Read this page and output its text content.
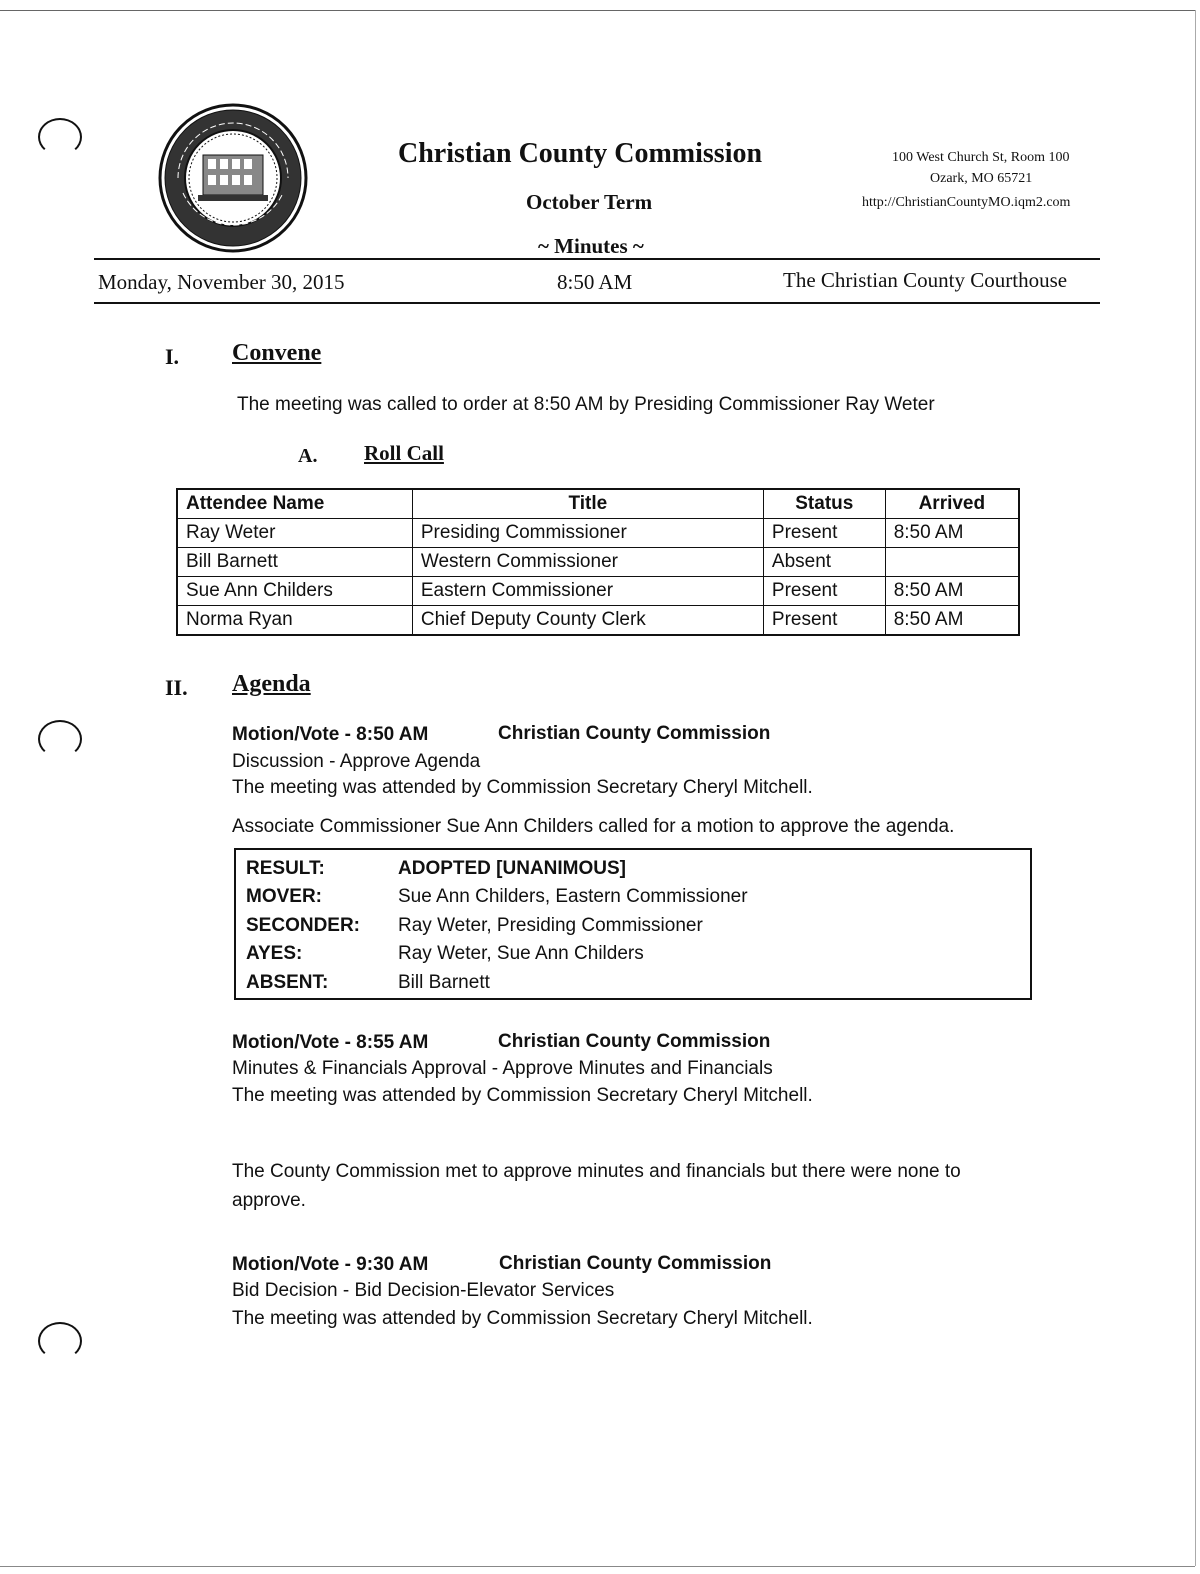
Christian County Commission
October Term
~ Minutes ~
100 West Church St, Room 100
Ozark, MO 65721
http://ChristianCountyMO.iqm2.com
Monday, November 30, 2015	8:50 AM	The Christian County Courthouse
I. Convene
The meeting was called to order at 8:50 AM by Presiding Commissioner Ray Weter
A. Roll Call
Attendee Name	Title	Status	Arrived
Ray Weter	Presiding Commissioner	Present	8:50 AM
Bill Barnett	Western Commissioner	Absent	
Sue Ann Childers	Eastern Commissioner	Present	8:50 AM
Norma Ryan	Chief Deputy County Clerk	Present	8:50 AM
II. Agenda
Motion/Vote - 8:50 AM	Christian County Commission
Discussion - Approve Agenda
The meeting was attended by Commission Secretary Cheryl Mitchell.
Associate Commissioner Sue Ann Childers called for a motion to approve the agenda.
RESULT:	ADOPTED [UNANIMOUS]
MOVER:	Sue Ann Childers, Eastern Commissioner
SECONDER:	Ray Weter, Presiding Commissioner
AYES:	Ray Weter, Sue Ann Childers
ABSENT:	Bill Barnett
Motion/Vote - 8:55 AM	Christian County Commission
Minutes & Financials Approval - Approve Minutes and Financials
The meeting was attended by Commission Secretary Cheryl Mitchell.
The County Commission met to approve minutes and financials but there were none to
approve.
Motion/Vote - 9:30 AM	Christian County Commission
Bid Decision - Bid Decision-Elevator Services
The meeting was attended by Commission Secretary Cheryl Mitchell.
